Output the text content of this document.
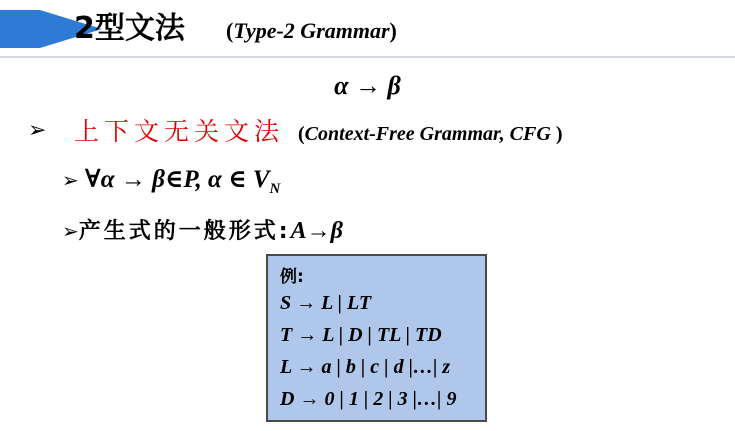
2型文法 (Type-2 Grammar)
α → β
➢ 上下文无关文法 (Context-Free Grammar, CFG )
➢ ∀α → β∈P, α ∈ $V_N$
➢产生式的一般形式:A→β
例:
S → L | LT
T → L | D | TL | TD
L → a | b | c | d |…| z
D → 0 | 1 | 2 | 3 |…| 9
